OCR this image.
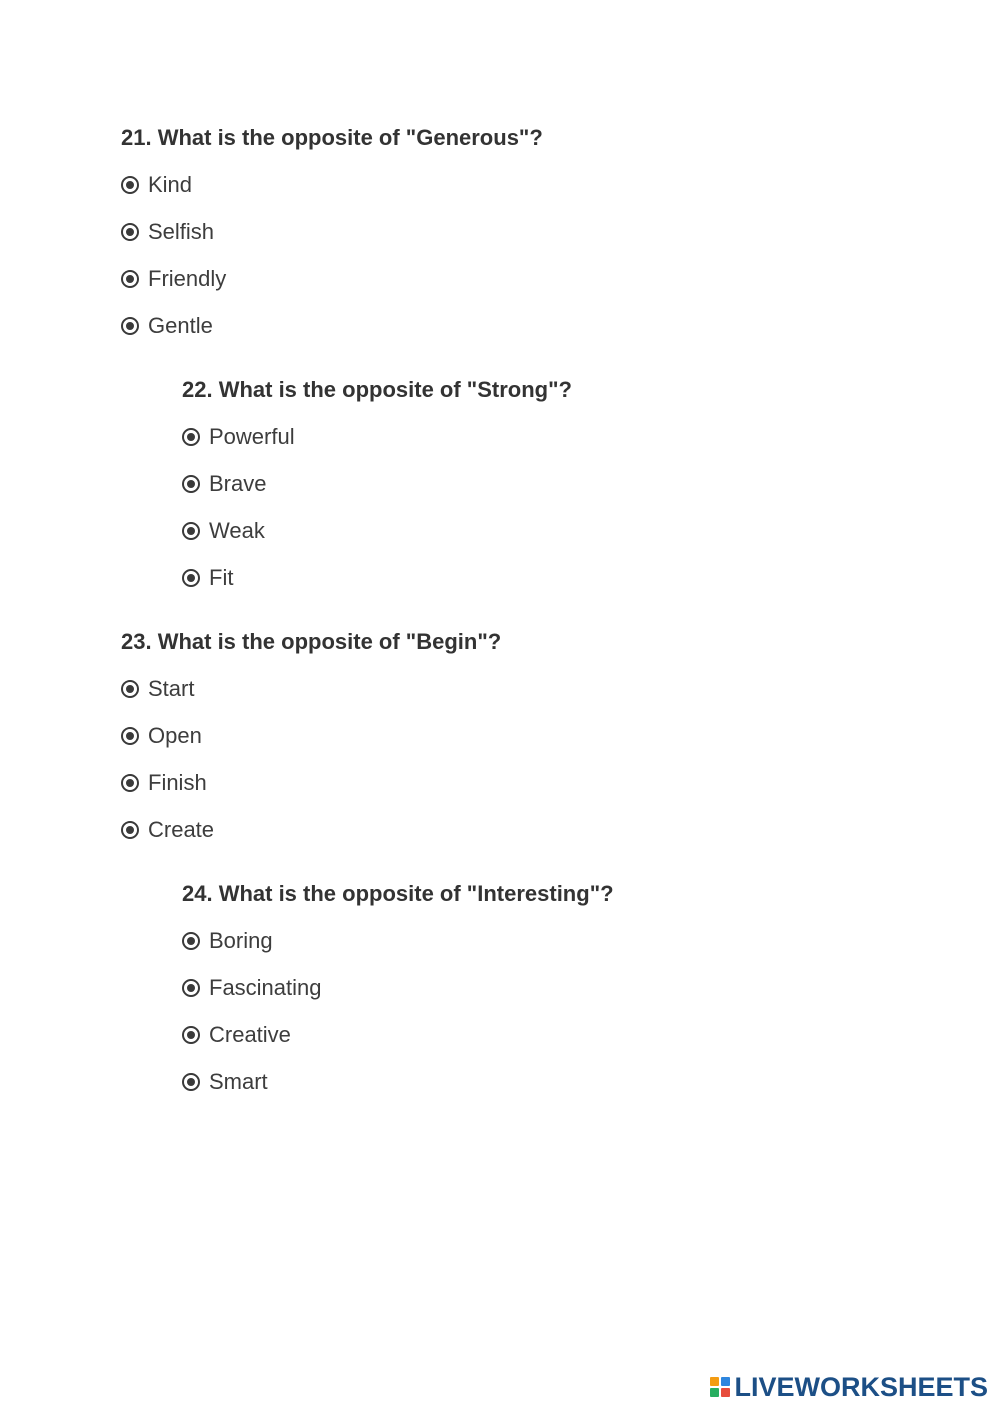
21. What is the opposite of "Generous"?
Kind
Selfish
Friendly
Gentle
22. What is the opposite of "Strong"?
Powerful
Brave
Weak
Fit
23. What is the opposite of "Begin"?
Start
Open
Finish
Create
24. What is the opposite of "Interesting"?
Boring
Fascinating
Creative
Smart
LIVEWORKSHEETS
